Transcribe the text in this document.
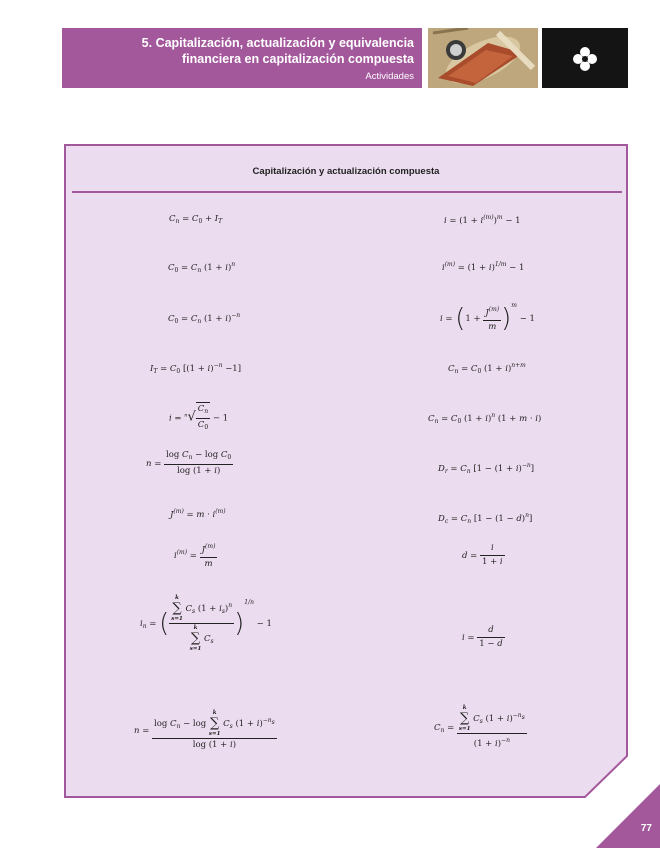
5. Capitalización, actualización y equivalencia
financiera en capitalización compuesta
Actividades
Capitalización y actualización compuesta
$C_n = C_0 + I_T$
$C_0 = C_n$ $(1 + i)^n$
$C_0 = C_n$ $(1 + i)^{-n}$
$I_T = C_0$ $[(1 + i)^{-n} -1]$
$i = ^n√ \frac{C_n}{C_0} - 1$
$n = \frac{\log C_n - \log C_0}{\log (1 + i)}$
$J^{(m)} = m \cdot i^{(m)}$
$i^{(m)} = \frac{J^{(m)}}{m}$
$i_n$ = ( k
∑
s=1
$C_s$ $(1 + i_s)^n$
k
∑
s=1
$C_s$ )$^{1/n}$ − 1
$n = \log C_n - \log$
k
∑
s=1
$C_s$ $(1 + i)^{-n_s}$
log (1 + i)
$i = (1 + i^{(m)})^m - 1$
$i^{(m)} = (1 + i)^{1/m} - 1$
$i = (1 + \frac{J^{(m)}}{m} )^m - 1$
$C_n = C_0$ $(1 + i)^{n+m}$
$C_n = C_0$ $(1 + i)^n$ (1 + m · i)
$D_r = C_n$ $[1 - (1 + i)^{-n}]$
$D_c = C_n$ $[1 - (1 - d)^n]$
$d = \frac{i}{1 + i}$
$i = \frac{d}{1 - d}$
$C_n = k$
∑
s=1
$C_s$ $(1 + i)^{-n_s}$
$(1 + i)^{-n}$
77
